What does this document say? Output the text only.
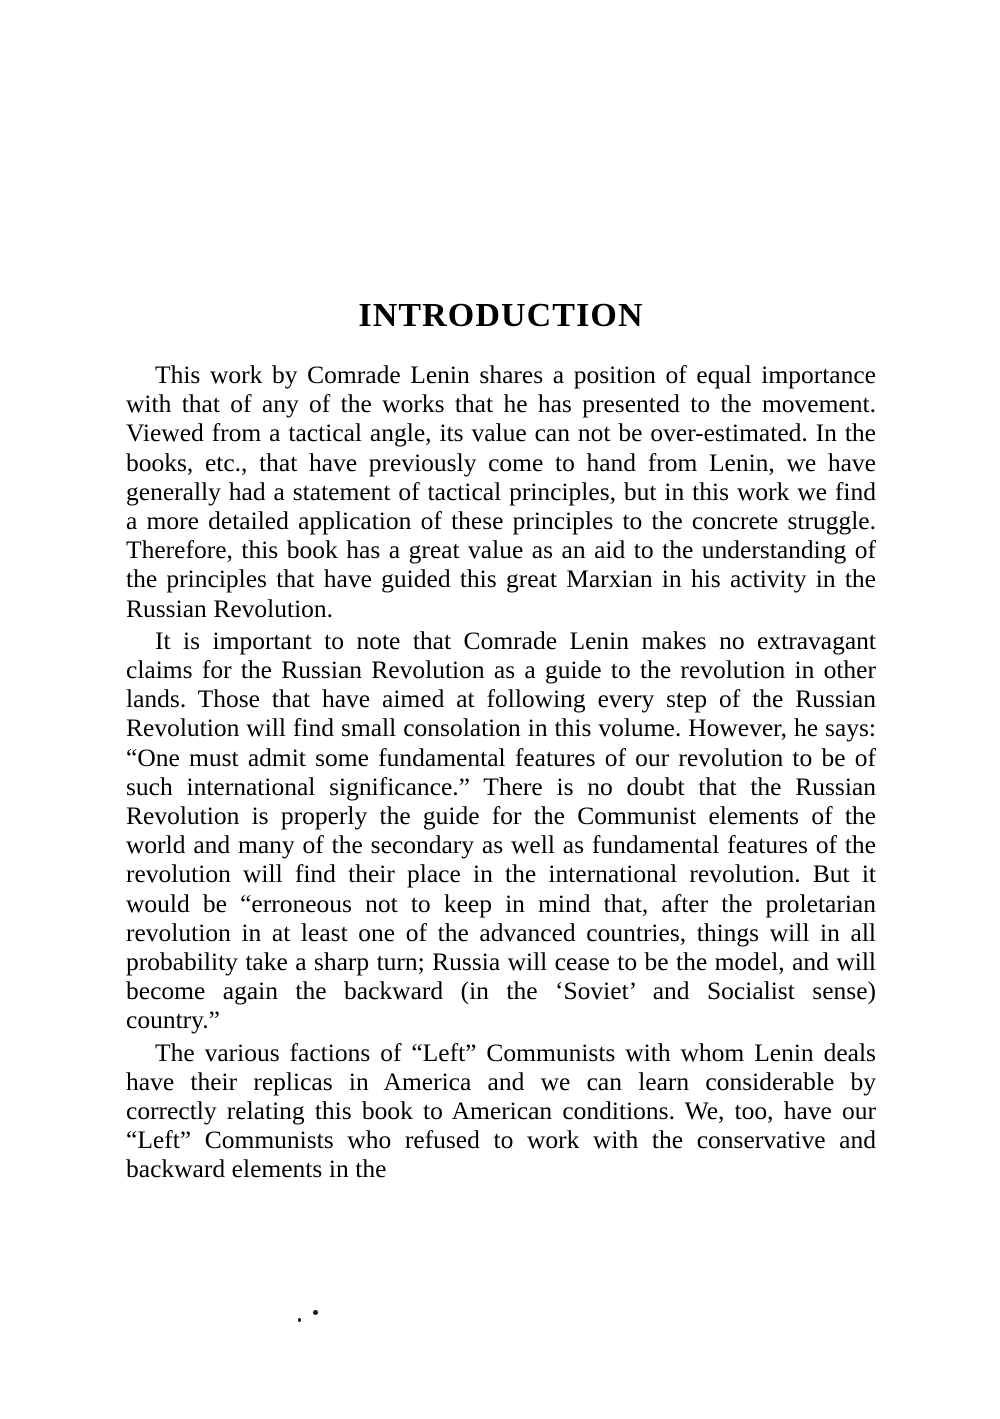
INTRODUCTION

This work by Comrade Lenin shares a position of equal importance with that of any of the works that he has presented to the movement. Viewed from a tactical angle, its value can not be over-estimated. In the books, etc., that have previously come to hand from Lenin, we have generally had a statement of tactical principles, but in this work we find a more detailed application of these principles to the concrete struggle. Therefore, this book has a great value as an aid to the understanding of the principles that have guided this great Marxian in his activity in the Russian Revolution.

It is important to note that Comrade Lenin makes no extravagant claims for the Russian Revolution as a guide to the revolution in other lands. Those that have aimed at following every step of the Russian Revolution will find small consolation in this volume. However, he says: “One must admit some fundamental features of our revolution to be of such international significance.” There is no doubt that the Russian Revolution is properly the guide for the Communist elements of the world and many of the secondary as well as fundamental features of the revolution will find their place in the international revolution. But it would be “erroneous not to keep in mind that, after the proletarian revolution in at least one of the advanced countries, things will in all probability take a sharp turn; Russia will cease to be the model, and will become again the backward (in the ‘Soviet’ and Socialist sense) country.”

The various factions of “Left” Communists with whom Lenin deals have their replicas in America and we can learn considerable by correctly relating this book to American conditions. We, too, have our “Left” Communists who refused to work with the conservative and backward elements in the
